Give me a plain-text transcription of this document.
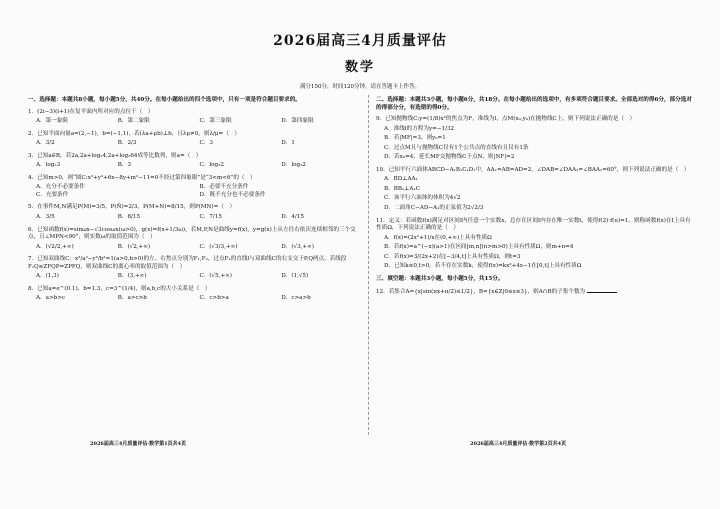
2026届高三4月质量评估
数学
满分150分，时间120分钟，请在答题卡上作答。
一、选择题：本题共8小题，每小题5分，共40分。在每小题给出的四个选项中，只有一项是符合题目要求的。
1．(2i−3)(i+1)在复平面内所对应的点位于（　）
A．第一象限	B．第二象限	C．第三象限	D．第四象限
2．已知平面向量a=(2,−1)，b=(−1,1)，若(λa+μb)⊥b，且λμ≠0，则λ/μ=（　）
A．3/2	B．2/3	C．3	D．1
3．已知a∈R，若2a,2a+log₂4,2a+log₂64成等比数列，则a=（　）
A．log₂3	B．3	C．log₃2	D．log₃2
4．已知m>0，则“圆C:x²+y²+6x−8y+m²−11=0不经过第四象限”是“3<m<6”的（　）
A．充分不必要条件	B．必要不充分条件
C．充要条件	D．既不充分也不必要条件
5．在事件M,N满足P(M)=3/5，P(N̄)=2/3，P(M+N)=8/15，则P(MN)=（　）
A．3/5	B．8/15	C．7/15	D．4/15
6．已知函数f(x)=sinωx−√3cosωx(ω>0)，g(x)=f(x+1/3ω)，若M,P,N是曲线y=f(x)，y=g(x)上从左往右依次连续相邻的三个交点，且∠MPN<90°，则实数ω的取值范围为（　）
A．(√2/2,+∞)	B．(√2,+∞)	C．(√3/3,+∞)	D．(√3,+∞)
7．已知双曲线C：x²/a²−y²/b²=1(a>0,b>0)的左、右焦点分别为F₁,F₂，过点F₁的直线l与双曲线C的右支交于P,Q两点，若线段F₁Q≥ZFQP=ZPFQ，则双曲线C的离心率的取值范围为（　）
A．(1,3)	B．(3,+∞)	C．(√5,+∞)	D．(1,√5)
8．已知a=e^(0.1)，b=1.3，c=3^(1/4)，则a,b,c的大小关系是（　）
A．a>b>c	B．a>c>b	C．c>b>a	D．c>a>b
二、选择题：本题共3小题，每小题6分，共18分。在每小题给出的选项中，有多项符合题目要求。全部选对的得6分，部分选对的得部分分，有选错的得0分。
9．已知抛物线C:y=(1/8)x²的焦点为F，准线为l，点M(x₀,y₀)在抛物线C上，则下列说法正确的是（　）
A．准线l的方程为y=−1/32
B．若|MF|=3，则y₀=1
C．过点M且与抛物线C仅有1个公共点的直线有且仅有1条
D．若x₀=4，延长MF交抛物线C于点N，则|NF|=2
10．已知平行六面体ABCD−A₁B₁C₁D₁中，AA₁=AB=AD=2，∠DAB=∠DAA₁=∠BAA₁=60°，则下列说法正确的是（　）
A．BD⊥AA₁
B．BB₁⊥A₁C
C．该平行六面体的体积为4√2
D．二面角C−AD−A₁的正弦值为2√2/3
11．定义：若函数f(x)满足对区间I内任意一个实数x，总存在区间I内存在唯一实数t，使得f(2)·f(u)=1，则称函数f(x)在I上具有性质Ω，下列说法正确的是（　）
A．f(x)=(2x²+1)/x在(0,+∞)上具有性质Ω
B．若f(x)=a^(−x)(a>1)在区间[m,n](n>m>0)上具有性质Ω，则m+n=4
C．若f(x)=3/(2x+2)在[−3/4,t]上具有性质Ω，则t=3
D．已知k≤0,t>0，若不存在实数k，使得f(x)=kx²+4x−1在[0,t]上具有性质Ω
三、填空题：本题共3小题，每小题5分，共15分。
12．若集合A={x|sin(πx+π/2)≤1/2}，B={x∈Z|0≤x≤3}，则A∩B的子集个数为
2026届高三4月质量评估·数学第1页共4页	2026届高三4月质量评估·数学第2页共4页
